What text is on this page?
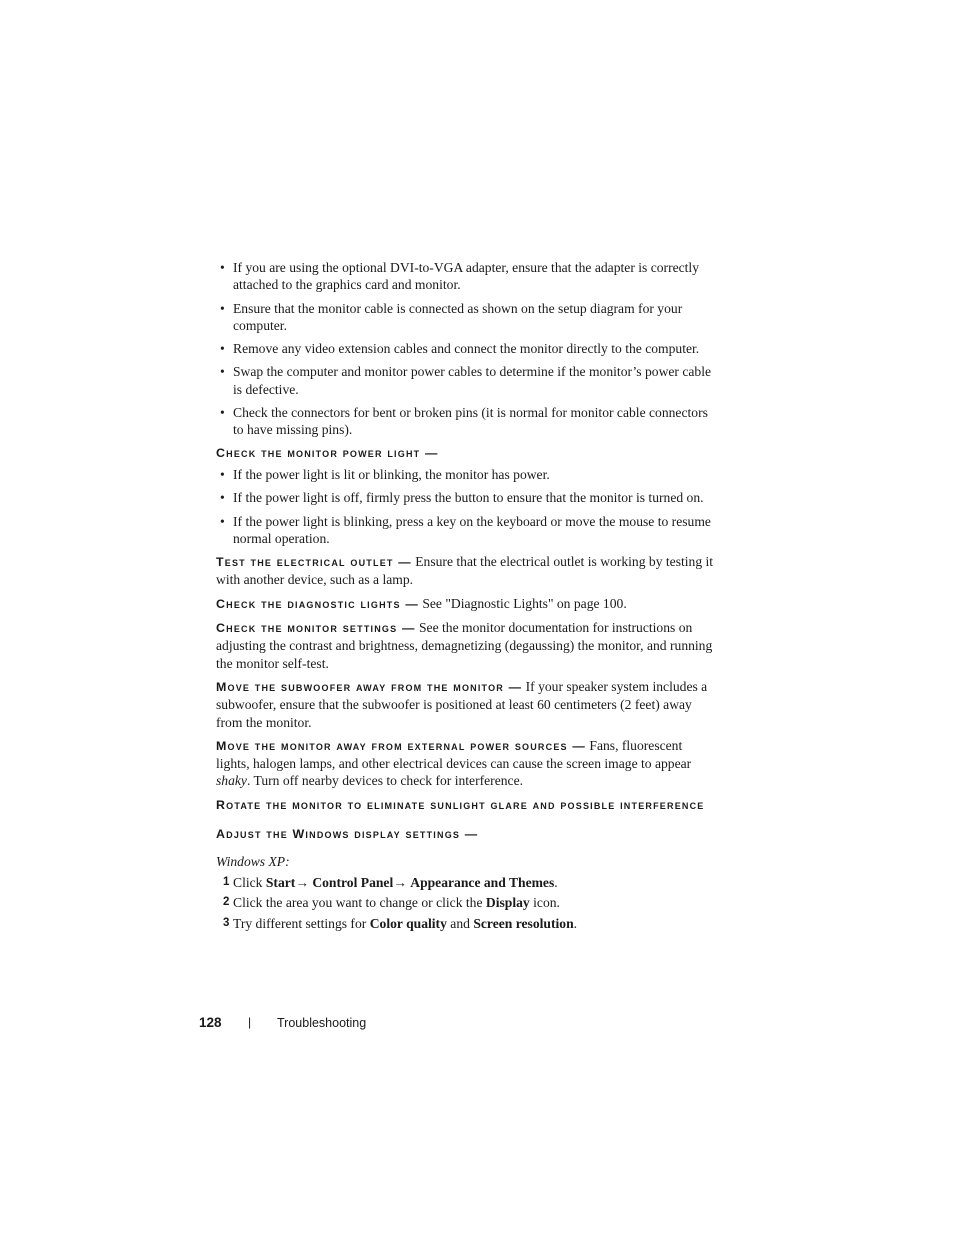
• If you are using the optional DVI-to-VGA adapter, ensure that the adapter is correctly attached to the graphics card and monitor.
• Ensure that the monitor cable is connected as shown on the setup diagram for your computer.
• Remove any video extension cables and connect the monitor directly to the computer.
• Swap the computer and monitor power cables to determine if the monitor’s power cable is defective.
• Check the connectors for bent or broken pins (it is normal for monitor cable connectors to have missing pins).
Check the monitor power light —
• If the power light is lit or blinking, the monitor has power.
• If the power light is off, firmly press the button to ensure that the monitor is turned on.
• If the power light is blinking, press a key on the keyboard or move the mouse to resume normal operation.

Test the electrical outlet — Ensure that the electrical outlet is working by testing it with another device, such as a lamp.

Check the diagnostic lights — See "Diagnostic Lights" on page 100.

Check the monitor settings — See the monitor documentation for instructions on adjusting the contrast and brightness, demagnetizing (degaussing) the monitor, and running the monitor self-test.

Move the subwoofer away from the monitor — If your speaker system includes a subwoofer, ensure that the subwoofer is positioned at least 60 centimeters (2 feet) away from the monitor.

Move the monitor away from external power sources — Fans, fluorescent lights, halogen lamps, and other electrical devices can cause the screen image to appear shaky. Turn off nearby devices to check for interference.

Rotate the monitor to eliminate sunlight glare and possible interference

Adjust the Windows display settings —

Windows XP:

1 Click Start→ Control Panel→ Appearance and Themes.
2 Click the area you want to change or click the Display icon.
3 Try different settings for Color quality and Screen resolution.
128 | Troubleshooting
